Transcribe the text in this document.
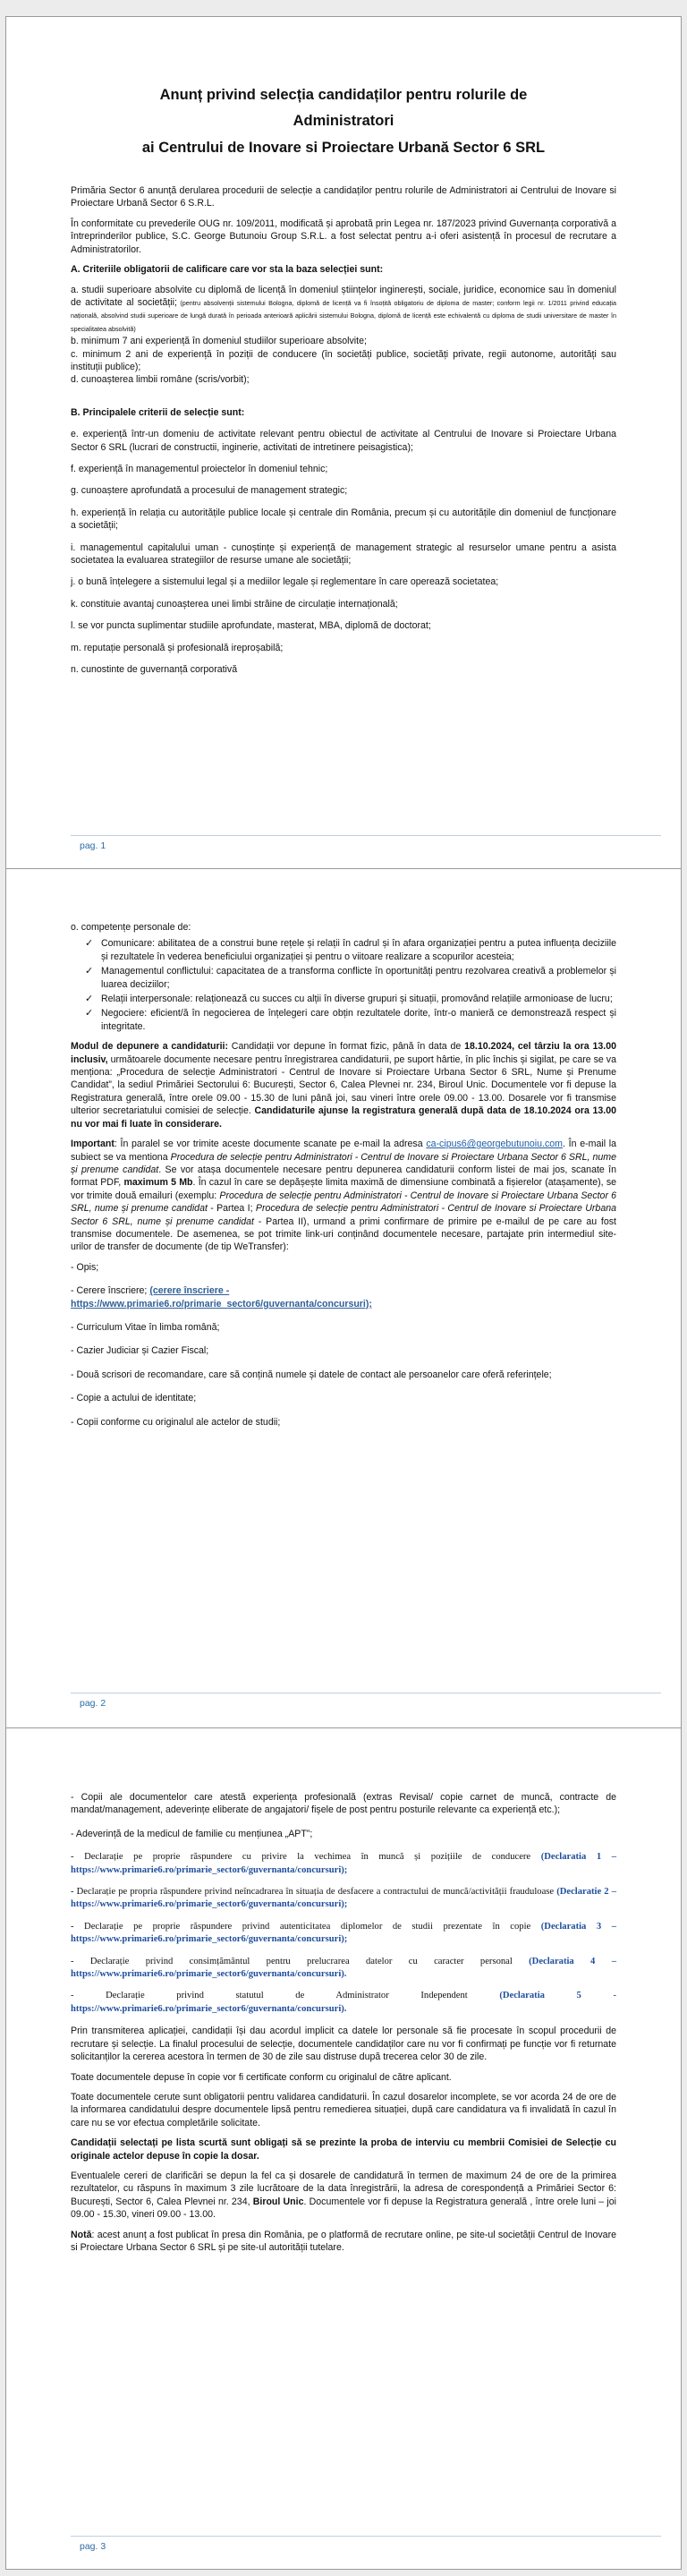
Anunț privind selecția candidaților pentru rolurile de
Administratori
ai Centrului de Inovare si Proiectare Urbană Sector 6 SRL

Primăria Sector 6 anunță derularea procedurii de selecție a candidaților pentru rolurile de Administratori ai Centrului de Inovare si Proiectare Urbană Sector 6 S.R.L.

În conformitate cu prevederile OUG nr. 109/2011, modificată și aprobată prin Legea nr. 187/2023 privind Guvernanța corporativă a întreprinderilor publice, S.C. George Butunoiu Group S.R.L. a fost selectat pentru a-i oferi asistență în procesul de recrutare a Administratorilor.

A. Criteriile obligatorii de calificare care vor sta la baza selecției sunt:

a. studii superioare absolvite cu diplomă de licență în domeniul științelor inginerești, sociale, juridice, economice sau în domeniul de activitate al societății; (pentru absolvenții sistemului Bologna, diplomă de licență va fi însoțită obligatoriu de diploma de master; conform legii nr. 1/2011 privind educația națională, absolvind studii superioare de lungă durată în perioada anterioară aplicării sistemului Bologna, diplomă de licență este echivalentă cu diploma de studii universitare de master în specialitatea absolvită)

b. minimum 7 ani experiență în domeniul studiilor superioare absolvite;

c. minimum 2 ani de experiență în poziții de conducere (în societăți publice, societăți private, regii autonome, autorități sau instituții publice);

d. cunoașterea limbii române (scris/vorbit);

B. Principalele criterii de selecție sunt:

e. experiență într-un domeniu de activitate relevant pentru obiectul de activitate al Centrului de Inovare si Proiectare Urbana Sector 6 SRL (lucrari de constructii, inginerie, activitati de intretinere peisagistica);

f. experiență în managementul proiectelor în domeniul tehnic;

g. cunoaștere aprofundată a procesului de management strategic;

h. experiență în relația cu autoritățile publice locale și centrale din România, precum și cu autoritățile din domeniul de funcționare a societății;

i. managementul capitalului uman - cunoștințe și experiență de management strategic al resurselor umane pentru a asista societatea la evaluarea strategiilor de resurse umane ale societății;

j. o bună înțelegere a sistemului legal și a mediilor legale și reglementare în care operează societatea;

k. constituie avantaj cunoașterea unei limbi străine de circulație internațională;

l. se vor puncta suplimentar studiile aprofundate, masterat, MBA, diplomă de doctorat;

m. reputație personală și profesională ireproșabilă;

n. cunostinte de guvernanță corporativă

pag. 1

o. competențe personale de:

✓ Comunicare: abilitatea de a construi bune rețele și relații în cadrul și în afara organizației pentru a putea influența deciziile și rezultatele în vederea beneficiului organizației și pentru o viitoare realizare a scopurilor acesteia;
✓ Managementul conflictului: capacitatea de a transforma conflicte în oportunități pentru rezolvarea creativă a problemelor și luarea deciziilor;
✓ Relații interpersonale: relaționează cu succes cu alții în diverse grupuri și situații, promovând relațiile armonioase de lucru;
✓ Negociere: eficient/ă în negocierea de înțelegeri care obțin rezultatele dorite, într-o manieră ce demonstrează respect și integritate.

Modul de depunere a candidaturii: Candidații vor depune în format fizic, până în data de 18.10.2024, cel târziu la ora 13.00 inclusiv, următoarele documente necesare pentru înregistrarea candidaturii, pe suport hârtie, în plic închis și sigilat, pe care se va menționa: „Procedura de selecție Administratori - Centrul de Inovare si Proiectare Urbana Sector 6 SRL, Nume și Prenume Candidat”, la sediul Primăriei Sectorului 6: București, Sector 6, Calea Plevnei nr. 234, Biroul Unic. Documentele vor fi depuse la Registratura generală, între orele 09.00 - 15.30 de luni până joi, sau vineri între orele 09.00 - 13.00. Dosarele vor fi transmise ulterior secretariatului comisiei de selecție. Candidaturile ajunse la registratura generală după data de 18.10.2024 ora 13.00 nu vor mai fi luate în considerare.

Important: În paralel se vor trimite aceste documente scanate pe e-mail la adresa ca-cipus6@georgebutunoiu.com. În e-mail la subiect se va mentiona Procedura de selecție pentru Administratori - Centrul de Inovare si Proiectare Urbana Sector 6 SRL, nume și prenume candidat. Se vor atașa documentele necesare pentru depunerea candidaturii conform listei de mai jos, scanate în format PDF, maximum 5 Mb. În cazul în care se depășește limita maximă de dimensiune combinată a fișierelor (atașamente), se vor trimite două emailuri (exemplu: Procedura de selecție pentru Administratori - Centrul de Inovare si Proiectare Urbana Sector 6 SRL, nume și prenume candidat - Partea I; Procedura de selecție pentru Administratori - Centrul de Inovare si Proiectare Urbana Sector 6 SRL, nume și prenume candidat - Partea II), urmand a primi confirmare de primire pe e-mailul de pe care au fost transmise documentele. De asemenea, se pot trimite link-uri conținând documentele necesare, partajate prin intermediul site-urilor de transfer de documente (de tip WeTransfer):

- Opis;

- Cerere înscriere; (cerere înscriere -
https://www.primarie6.ro/primarie_sector6/guvernanta/concursuri);

- Curriculum Vitae în limba română;

- Cazier Judiciar și Cazier Fiscal;

- Două scrisori de recomandare, care să conțină numele și datele de contact ale persoanelor care oferă referințele;

- Copie a actului de identitate;

- Copii conforme cu originalul ale actelor de studii;

pag. 2

- Copii ale documentelor care atestă experiența profesională (extras Revisal/ copie carnet de muncă, contracte de mandat/management, adeverințe eliberate de angajatori/ fișele de post pentru posturile relevante ca experiență etc.);

- Adeverință de la medicul de familie cu mențiunea „APT”;

- Declarație pe proprie răspundere cu privire la vechimea în muncă și pozițiile de conducere (Declaratia 1 – https://www.primarie6.ro/primarie_sector6/guvernanta/concursuri);

- Declarație pe propria răspundere privind neîncadrarea în situația de desfacere a contractului de muncă/activității frauduloase (Declaratie 2 – https://www.primarie6.ro/primarie_sector6/guvernanta/concursuri);

- Declarație pe proprie răspundere privind autenticitatea diplomelor de studii prezentate în copie (Declaratia 3 – https://www.primarie6.ro/primarie_sector6/guvernanta/concursuri);

- Declarație privind consimțământul pentru prelucrarea datelor cu caracter personal (Declaratia 4 – https://www.primarie6.ro/primarie_sector6/guvernanta/concursuri).

- Declarație privind statutul de Administrator Independent (Declaratia 5 - https://www.primarie6.ro/primarie_sector6/guvernanta/concursuri).

Prin transmiterea aplicației, candidații își dau acordul implicit ca datele lor personale să fie procesate în scopul procedurii de recrutare și selecție. La finalul procesului de selecție, documentele candidaților care nu vor fi confirmați pe funcție vor fi returnate solicitanților la cererea acestora în termen de 30 de zile sau distruse după trecerea celor 30 de zile.

Toate documentele depuse în copie vor fi certificate conform cu originalul de către aplicant.

Toate documentele cerute sunt obligatorii pentru validarea candidaturii. În cazul dosarelor incomplete, se vor acorda 24 de ore de la informarea candidatului despre documentele lipsă pentru remedierea situației, după care candidatura va fi invalidată în cazul în care nu se vor efectua completările solicitate.

Candidații selectați pe lista scurtă sunt obligați să se prezinte la proba de interviu cu membrii Comisiei de Selecție cu originale actelor depuse în copie la dosar.

Eventualele cereri de clarificări se depun la fel ca și dosarele de candidatură în termen de maximum 24 de ore de la primirea rezultatelor, cu răspuns în maximum 3 zile lucrătoare de la data înregistrării, la adresa de corespondență a Primăriei Sector 6: București, Sector 6, Calea Plevnei nr. 234, Biroul Unic. Documentele vor fi depuse la Registratura generală , între orele luni – joi 09.00 - 15.30, vineri 09.00 - 13.00.

Notă: acest anunț a fost publicat în presa din România, pe o platformă de recrutare online, pe site-ul societății Centrul de Inovare si Proiectare Urbana Sector 6 SRL și pe site-ul autorității tutelare.

pag. 3
